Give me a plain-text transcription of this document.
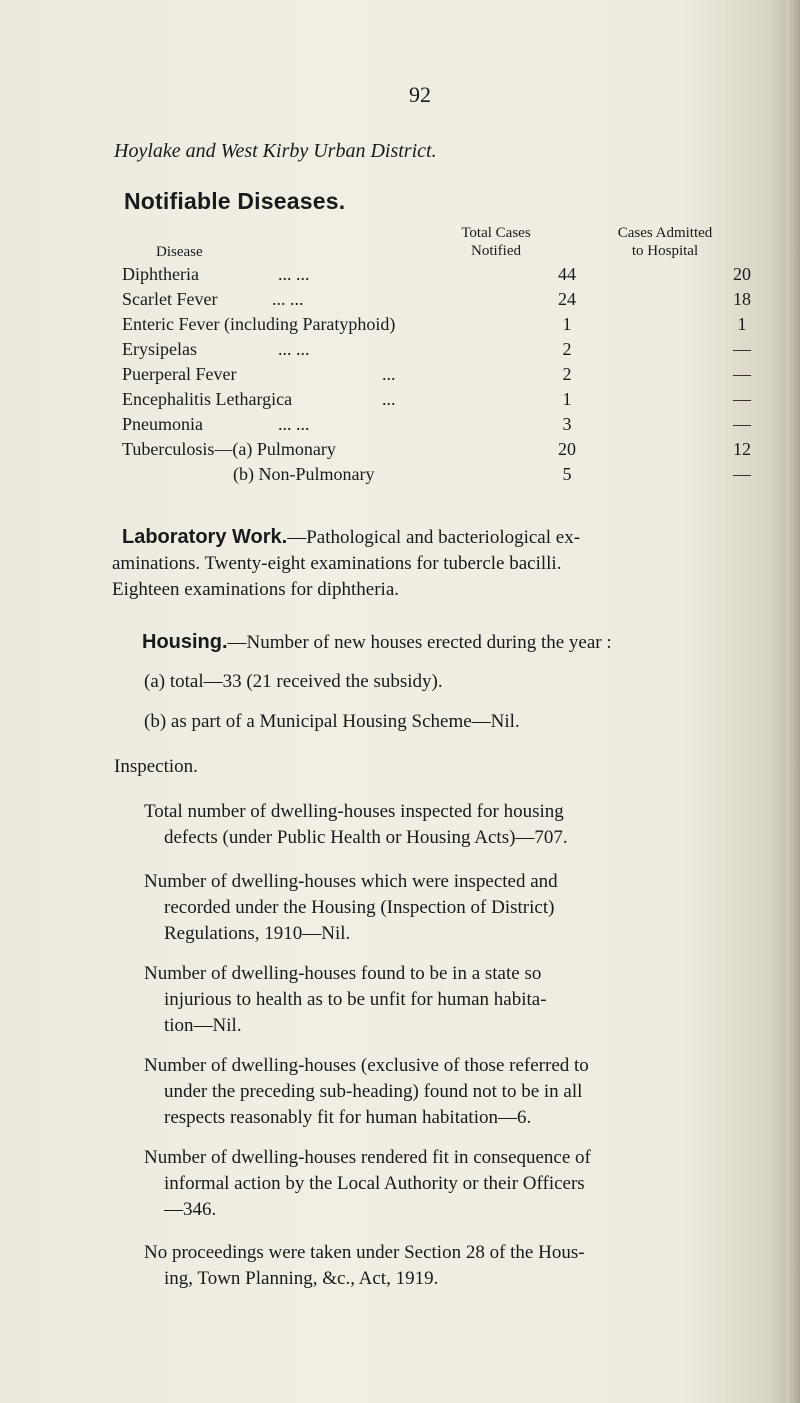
92
Hoylake and West Kirby Urban District.
Notifiable Diseases.
Disease
Total Cases
Notified
Cases Admitted
to Hospital
Diphtheria	... ...	44	20
Scarlet Fever	... ...	24	18
Enteric Fever (including Paratyphoid)	1	1
Erysipelas	... ...	2	—
Puerperal Fever	...	2	—
Encephalitis Lethargica	...	1	—
Pneumonia	... ...	3	—
Tuberculosis—(a) Pulmonary	20	12
(b) Non-Pulmonary	5	—
Laboratory Work.—Pathological and bacteriological ex-
aminations. Twenty-eight examinations for tubercle bacilli.
Eighteen examinations for diphtheria.
Housing.—Number of new houses erected during the year :
(a) total—33 (21 received the subsidy).
(b) as part of a Municipal Housing Scheme—Nil.
Inspection.
Total number of dwelling-houses inspected for housing
defects (under Public Health or Housing Acts)—707.
Number of dwelling-houses which were inspected and
recorded under the Housing (Inspection of District)
Regulations, 1910—Nil.
Number of dwelling-houses found to be in a state so
injurious to health as to be unfit for human habita-
tion—Nil.
Number of dwelling-houses (exclusive of those referred to
under the preceding sub-heading) found not to be in all
respects reasonably fit for human habitation—6.
Number of dwelling-houses rendered fit in consequence of
informal action by the Local Authority or their Officers
—346.
No proceedings were taken under Section 28 of the Hous-
ing, Town Planning, &c., Act, 1919.
